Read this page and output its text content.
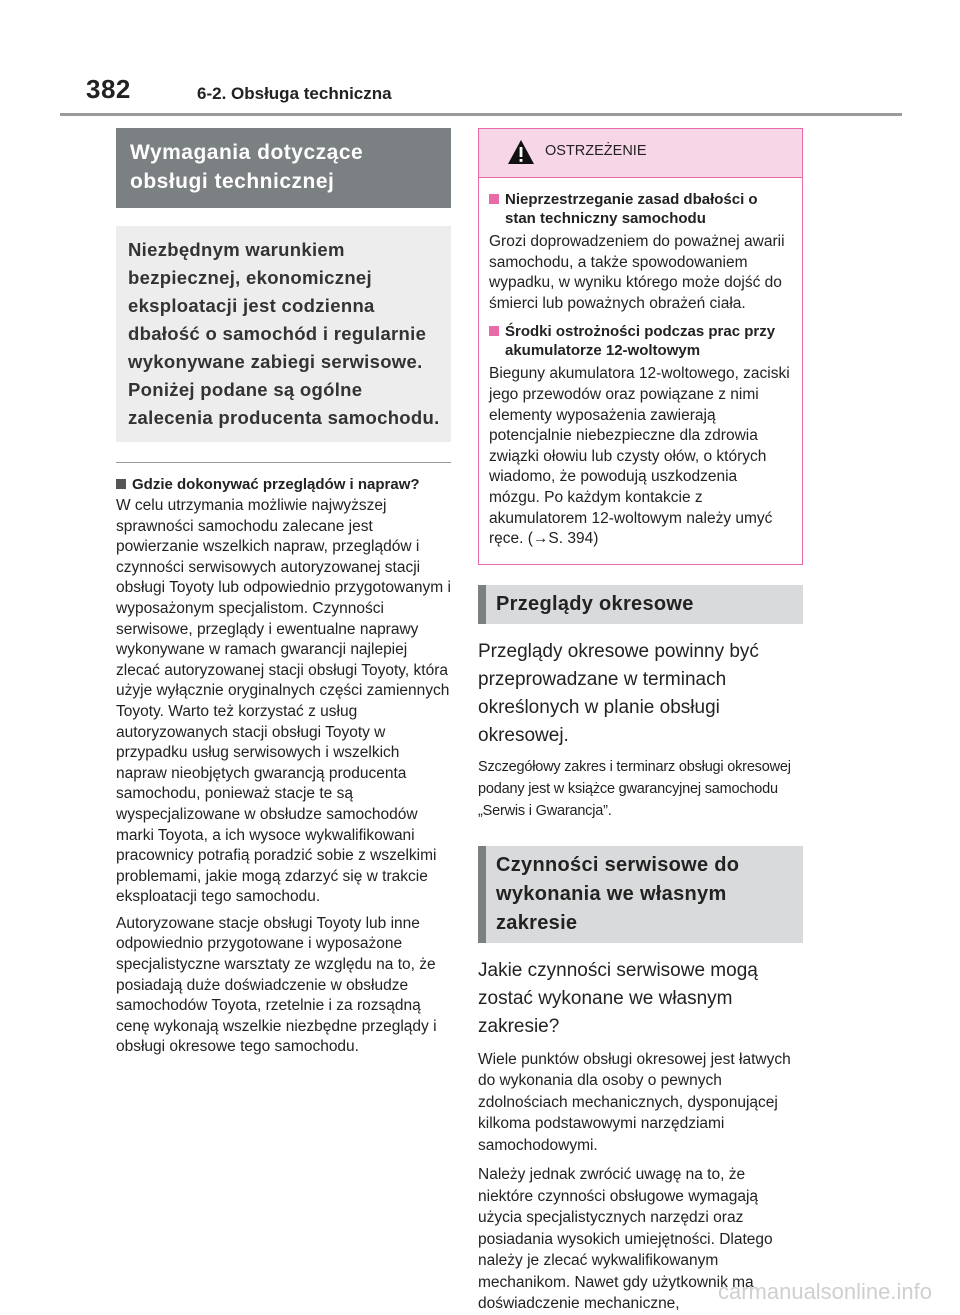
382	6-2. Obsługa techniczna
Wymagania dotyczące obsługi technicznej
Niezbędnym warunkiem bezpiecznej, ekonomicznej eksploatacji jest codzienna dbałość o samochód i regularnie wykonywane zabiegi serwisowe. Poniżej podane są ogólne zalecenia producenta samochodu.
Gdzie dokonywać przeglądów i napraw?

W celu utrzymania możliwie najwyższej sprawności samochodu zalecane jest powierzanie wszelkich napraw, przeglądów i czynności serwisowych autoryzowanej stacji obsługi Toyoty lub odpowiednio przygotowanym i wyposażonym specjalistom. Czynności serwisowe, przeglądy i ewentualne naprawy wykonywane w ramach gwarancji najlepiej zlecać autoryzowanej stacji obsługi Toyoty, która użyje wyłącznie oryginalnych części zamiennych Toyoty. Warto też korzystać z usług autoryzowanych stacji obsługi Toyoty w przypadku usług serwisowych i wszelkich napraw nieobjętych gwarancją producenta samochodu, ponieważ stacje te są wyspecjalizowane w obsłudze samochodów marki Toyota, a ich wysoce wykwalifikowani pracownicy potrafią poradzić sobie z wszelkimi problemami, jakie mogą zdarzyć się w trakcie eksploatacji tego samochodu.

Autoryzowane stacje obsługi Toyoty lub inne odpowiednio przygotowane i wyposażone specjalistyczne warsztaty ze względu na to, że posiadają duże doświadczenie w obsłudze samochodów Toyota, rzetelnie i za rozsądną cenę wykonają wszelkie niezbędne przeglądy i obsługi okresowe tego samochodu.

OSTRZEŻENIE
Nieprzestrzeganie zasad dbałości o stan techniczny samochodu
Grozi doprowadzeniem do poważnej awarii samochodu, a także spowodowaniem wypadku, w wyniku którego może dojść do śmierci lub poważnych obrażeń ciała.
Środki ostrożności podczas prac przy akumulatorze 12-woltowym
Bieguny akumulatora 12-woltowego, zaciski jego przewodów oraz powiązane z nimi elementy wyposażenia zawierają potencjalnie niebezpieczne dla zdrowia związki ołowiu lub czysty ołów, o których wiadomo, że powodują uszkodzenia mózgu. Po każdym kontakcie z akumulatorem 12-woltowym należy umyć ręce. (→S. 394)
Przeglądy okresowe
Przeglądy okresowe powinny być przeprowadzane w terminach określonych w planie obsługi okresowej.
Szczegółowy zakres i terminarz obsługi okresowej podany jest w książce gwarancyjnej samochodu „Serwis i Gwarancja”.
Czynności serwisowe do wykonania we własnym zakresie
Jakie czynności serwisowe mogą zostać wykonane we własnym zakresie?
Wiele punktów obsługi okresowej jest łatwych do wykonania dla osoby o pewnych zdolnościach mechanicznych, dysponującej kilkoma podstawowymi narzędziami samochodowymi.
Należy jednak zwrócić uwagę na to, że niektóre czynności obsługowe wymagają użycia specjalistycznych narzędzi oraz posiadania wysokich umiejętności. Dlatego należy je zlecać wykwalifikowanym mechanikom. Nawet gdy użytkownik ma doświadczenie mechaniczne,	carmanualsonline.info
